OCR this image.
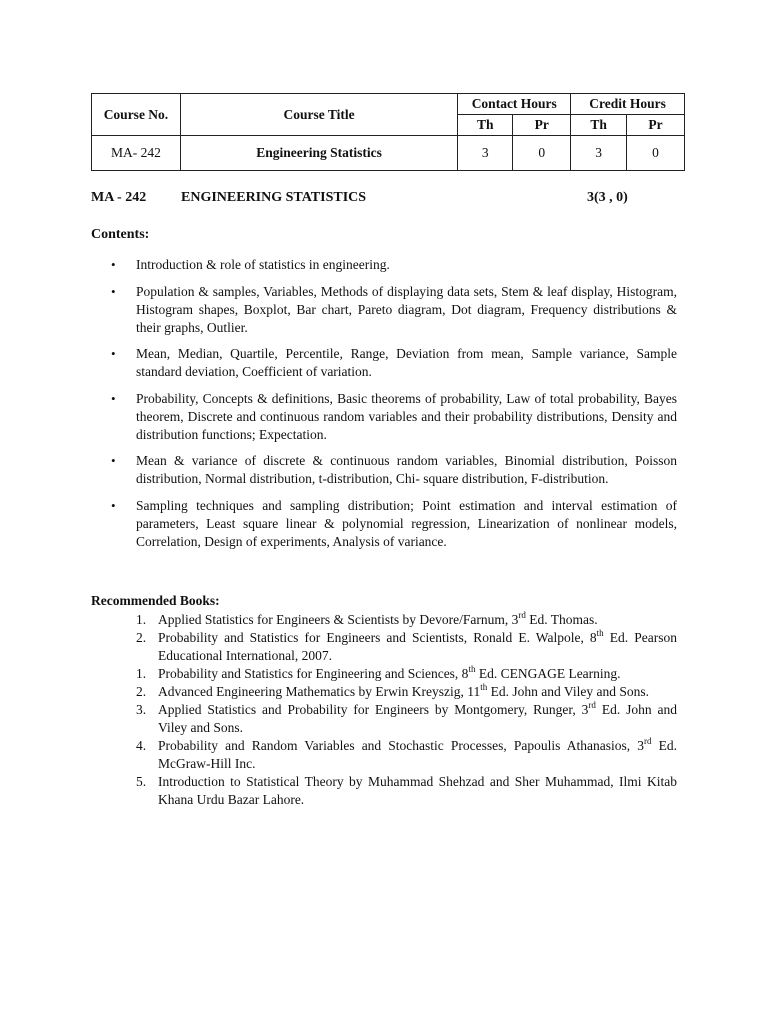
Course No.	Course Title	Contact Hours		Credit Hours	
		Th	Pr	Th	Pr
MA- 242	Engineering Statistics	3	0	3	0
MA - 242 ENGINEERING STATISTICS	3(3 , 0)
Contents:
• Introduction & role of statistics in engineering.
• Population & samples, Variables, Methods of displaying data sets, Stem & leaf display, Histogram, Histogram shapes, Boxplot, Bar chart, Pareto diagram, Dot diagram, Frequency distributions & their graphs, Outlier.
• Mean, Median, Quartile, Percentile, Range, Deviation from mean, Sample variance, Sample standard deviation, Coefficient of variation.
• Probability, Concepts & definitions, Basic theorems of probability, Law of total probability, Bayes theorem, Discrete and continuous random variables and their probability distributions, Density and distribution functions; Expectation.
• Mean & variance of discrete & continuous random variables, Binomial distribution, Poisson distribution, Normal distribution, t-distribution, Chi- square distribution, F-distribution.
• Sampling techniques and sampling distribution; Point estimation and interval estimation of parameters, Least square linear & polynomial regression, Linearization of nonlinear models, Correlation, Design of experiments, Analysis of variance.
Recommended Books:
1. Applied Statistics for Engineers & Scientists by Devore/Farnum, 3rd Ed. Thomas.
2. Probability and Statistics for Engineers and Scientists, Ronald E. Walpole, 8th Ed. Pearson Educational International, 2007.
1. Probability and Statistics for Engineering and Sciences, 8th Ed. CENGAGE Learning.
2. Advanced Engineering Mathematics by Erwin Kreyszig, 11th Ed. John and Viley and Sons.
3. Applied Statistics and Probability for Engineers by Montgomery, Runger, 3rd Ed. John and Viley and Sons.
4. Probability and Random Variables and Stochastic Processes, Papoulis Athanasios, 3rd Ed. McGraw-Hill Inc.
5. Introduction to Statistical Theory by Muhammad Shehzad and Sher Muhammad, Ilmi Kitab Khana Urdu Bazar Lahore.
